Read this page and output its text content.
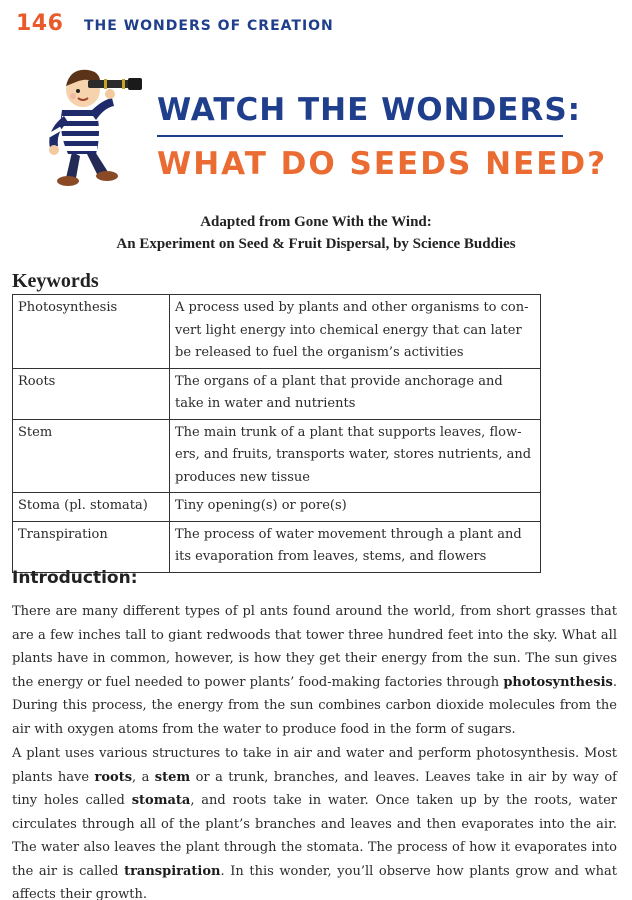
146 THE WONDERS OF CREATION
WATCH THE WONDERS:
WHAT DO SEEDS NEED?
Adapted from Gone With the Wind:
An Experiment on Seed & Fruit Dispersal, by Science Buddies
Keywords
Photosynthesis	A process used by plants and other organisms to con-vert light energy into chemical energy that can later be released to fuel the organism’s activities
Roots	The organs of a plant that provide anchorage and take in water and nutrients
Stem	The main trunk of a plant that supports leaves, flow-ers, and fruits, transports water, stores nutrients, and produces new tissue
Stoma (pl. stomata)	Tiny opening(s) or pore(s)
Transpiration	The process of water movement through a plant and its evaporation from leaves, stems, and flowers
Introduction:

There are many different types of pl ants found around the world, from short grasses that are a few inches tall to giant redwoods that tower three hundred feet into the sky. What all plants have in common, however, is how they get their energy from the sun. The sun gives the energy or fuel needed to power plants’ food-making factories through photosynthesis. During this process, the energy from the sun combines carbon dioxide molecules from the air with oxygen atoms from the water to produce food in the form of sugars.

A plant uses various structures to take in air and water and perform photosynthesis. Most plants have roots, a stem or a trunk, branches, and leaves. Leaves take in air by way of tiny holes called stomata, and roots take in water. Once taken up by the roots, water circulates through all of the plant’s branches and leaves and then evaporates into the air. The water also leaves the plant through the stomata. The process of how it evaporates into the air is called transpiration. In this wonder, you’ll observe how plants grow and what affects their growth.
